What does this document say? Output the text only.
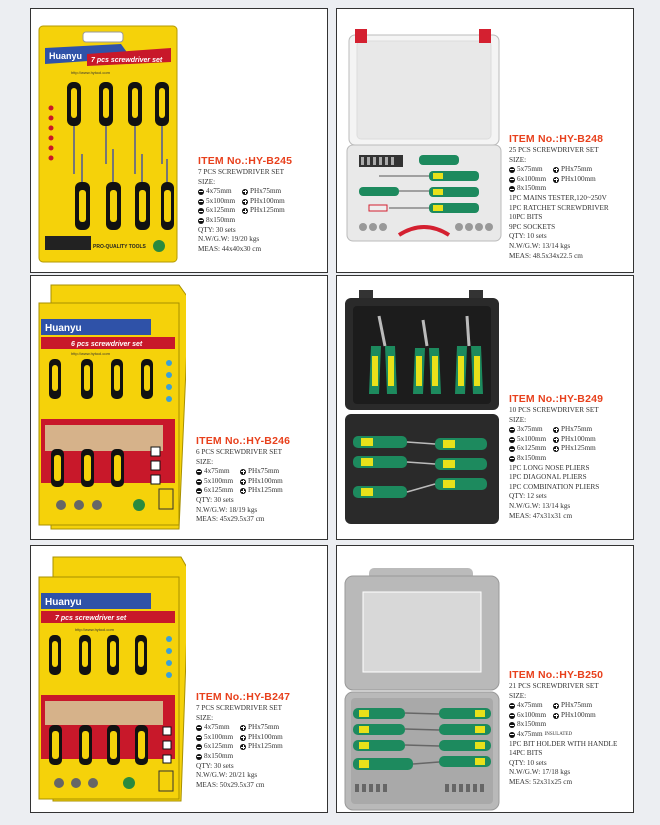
Huanyu 7 pcs screwdriver set
http://www.hytool.com
PRO-QUALITY TOOLS
ITEM No.:HY-B245
7 PCS SCREWDRIVER SET
SIZE:
4x75mm	PHx75mm
5x100mm PHx100mm
6x125mm PHx125mm
8x150mm
QTY: 30 sets
N.W/G.W: 19/20 kgs
MEAS: 44x40x30 cm
Huanyu
6 pcs screwdriver set
http://www.hytool.com
ITEM No.:HY-B246
6 PCS SCREWDRIVER SET
SIZE:
4x75mm	PHx75mm
5x100mm PHx100mm
6x125mm PHx125mm
QTY: 30 sets
N.W/G.W: 18/19 kgs
MEAS: 45x29.5x37 cm
Huanyu
7 pcs screwdriver set
http://www.hytool.com
ITEM No.:HY-B247
7 PCS SCREWDRIVER SET
SIZE:
4x75mm	PHx75mm
5x100mm PHx100mm
6x125mm PHx125mm
8x150mm
QTY: 30 sets
N.W/G.W: 20/21 kgs
MEAS: 50x29.5x37 cm
ITEM No.:HY-B248
25 PCS SCREWDRIVER SET
SIZE:
5x75mm	PHx75mm
6x100mm PHx100mm
8x150mm
1PC MAINS TESTER,120~250V
1PC RATCHET SCREWDRIVER
10PC BITS
9PC SOCKETS
QTY: 10 sets
N.W/G.W: 13/14 kgs
MEAS: 48.5x34x22.5 cm
ITEM No.:HY-B249
10 PCS SCREWDRIVER SET
SIZE:
3x75mm	PHx75mm
5x100mm PHx100mm
6x125mm PHx125mm
8x150mm
1PC LONG NOSE PLIERS
1PC DIAGONAL PLIERS
1PC COMBINATION PLIERS
QTY: 12 sets
N.W/G.W: 13/14 kgs
MEAS: 47x31x31 cm
ITEM No.:HY-B250
21 PCS SCREWDRIVER SET
SIZE:
4x75mm	PHx75mm
6x100mm PHx100mm
8x150mm
4x75mm INSULATED
1PC BIT HOLDER WITH HANDLE
14PC BITS
QTY: 10 sets
N.W/G.W: 17/18 kgs
MEAS: 52x31x25 cm
